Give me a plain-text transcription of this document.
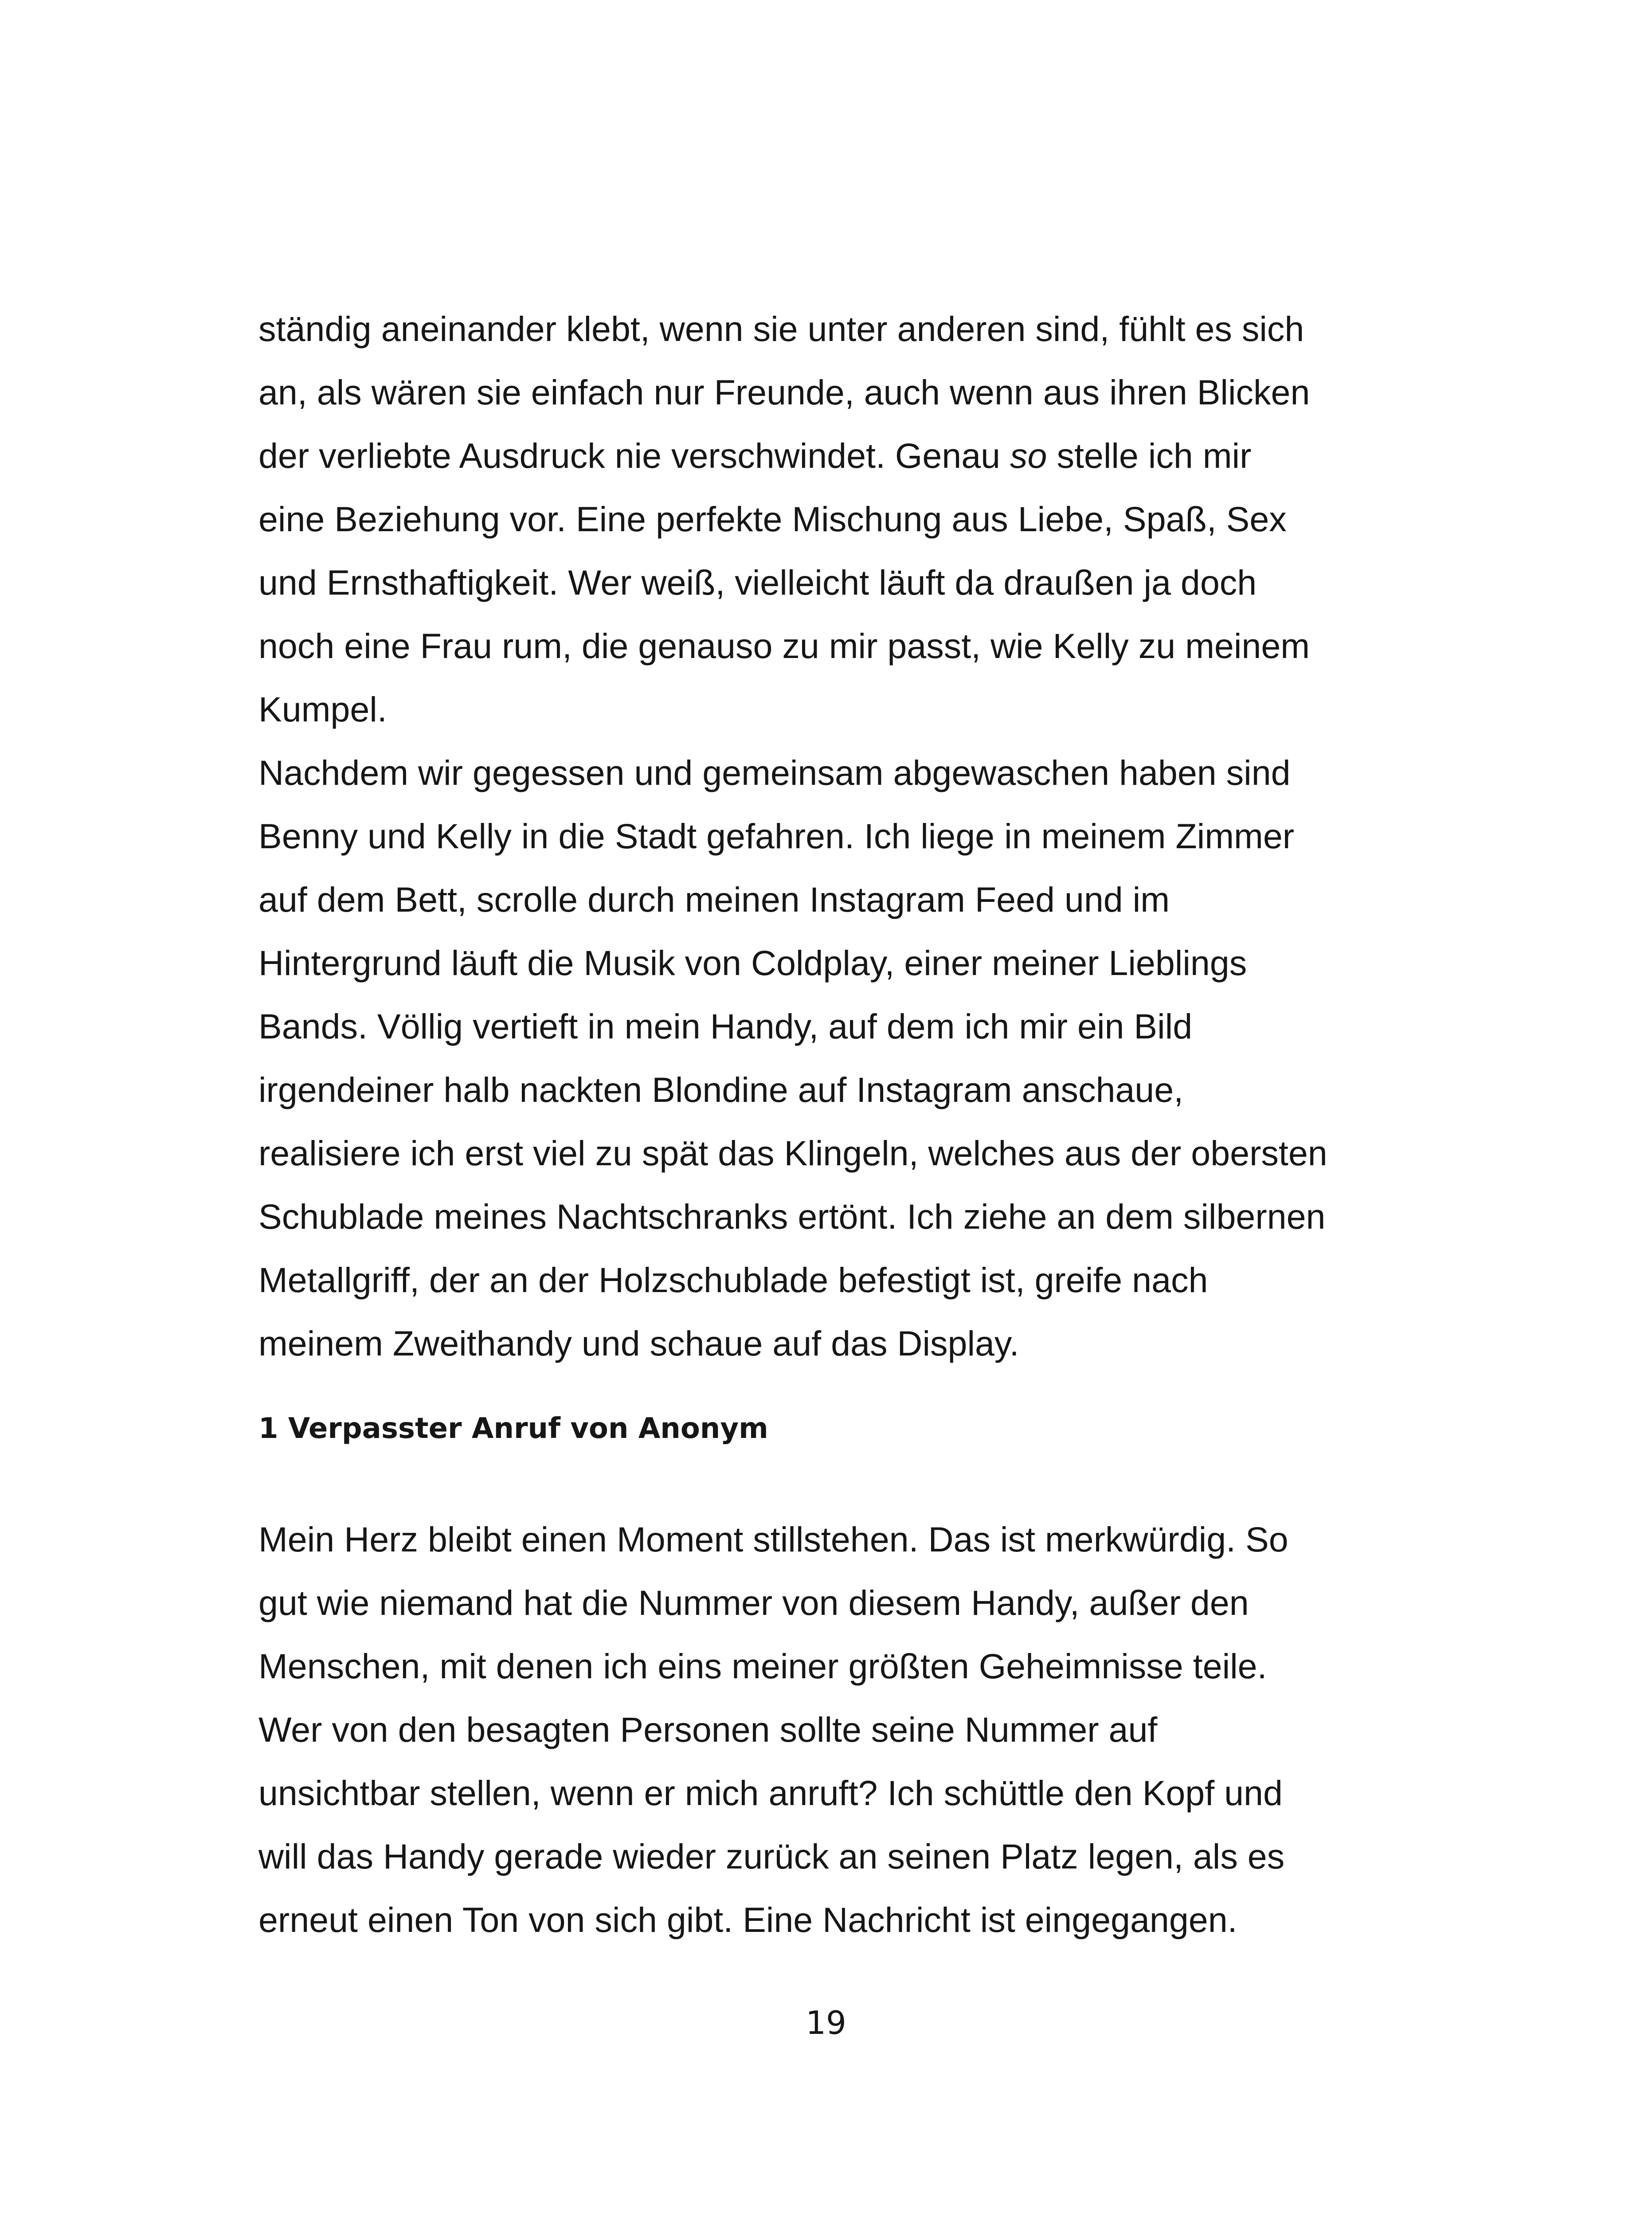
ständig aneinander klebt, wenn sie unter anderen sind, fühlt es sich
an, als wären sie einfach nur Freunde, auch wenn aus ihren Blicken
der verliebte Ausdruck nie verschwindet. Genau so stelle ich mir
eine Beziehung vor. Eine perfekte Mischung aus Liebe, Spaß, Sex
und Ernsthaftigkeit. Wer weiß, vielleicht läuft da draußen ja doch
noch eine Frau rum, die genauso zu mir passt, wie Kelly zu meinem
Kumpel.
Nachdem wir gegessen und gemeinsam abgewaschen haben sind
Benny und Kelly in die Stadt gefahren. Ich liege in meinem Zimmer
auf dem Bett, scrolle durch meinen Instagram Feed und im
Hintergrund läuft die Musik von Coldplay, einer meiner Lieblings
Bands. Völlig vertieft in mein Handy, auf dem ich mir ein Bild
irgendeiner halb nackten Blondine auf Instagram anschaue,
realisiere ich erst viel zu spät das Klingeln, welches aus der obersten
Schublade meines Nachtschranks ertönt. Ich ziehe an dem silbernen
Metallgriff, der an der Holzschublade befestigt ist, greife nach
meinem Zweithandy und schaue auf das Display.
1 Verpasster Anruf von Anonym
Mein Herz bleibt einen Moment stillstehen. Das ist merkwürdig. So
gut wie niemand hat die Nummer von diesem Handy, außer den
Menschen, mit denen ich eins meiner größten Geheimnisse teile.
Wer von den besagten Personen sollte seine Nummer auf
unsichtbar stellen, wenn er mich anruft? Ich schüttle den Kopf und
will das Handy gerade wieder zurück an seinen Platz legen, als es
erneut einen Ton von sich gibt. Eine Nachricht ist eingegangen.
19
